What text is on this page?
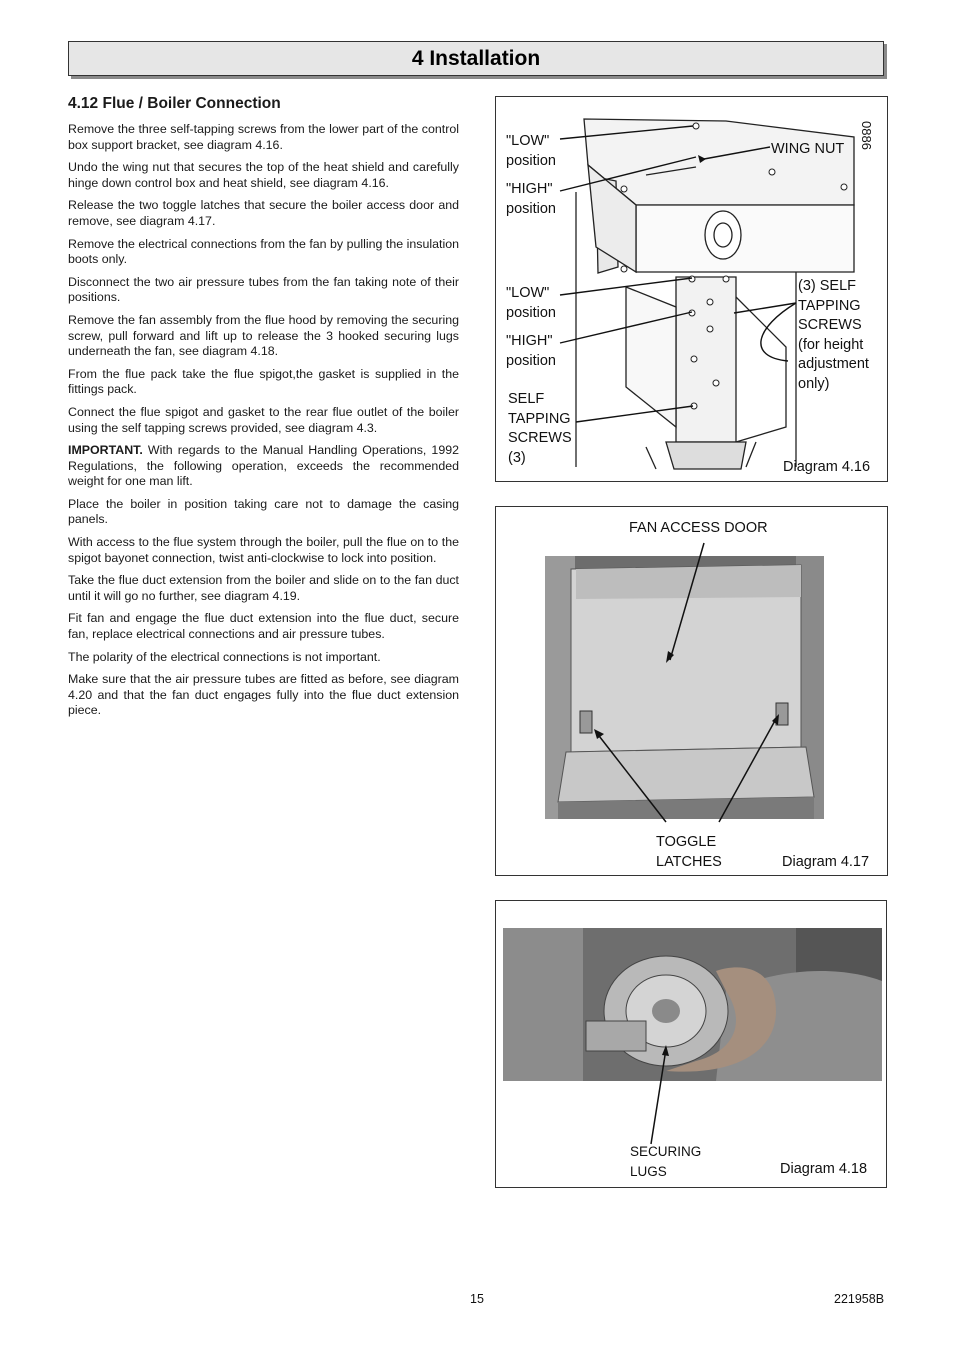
4 Installation
4.12 Flue / Boiler Connection

Remove the three self-tapping screws from the lower part of the control box support bracket, see diagram 4.16.

Undo the wing nut that secures the top of the heat shield and carefully hinge down control box and heat shield, see diagram 4.16.

Release the two toggle latches that secure the boiler access door and remove, see diagram 4.17.

Remove the electrical connections from the fan by pulling the insulation boots only.

Disconnect the two air pressure tubes from the fan taking note of their positions.

Remove the fan assembly from the flue hood by removing the securing screw, pull forward and lift up to release the 3 hooked securing lugs underneath the fan, see diagram 4.18.

From the flue pack take the flue spigot,the gasket is supplied in the fittings pack.

Connect the flue spigot and gasket to the rear flue outlet of the boiler using the self tapping screws provided, see diagram 4.3.

IMPORTANT. With regards to the Manual Handling Operations, 1992 Regulations, the following operation, exceeds the recommended weight for one man lift.

Place the boiler in position taking care not to damage the casing panels.

With access to the flue system through the boiler, pull the flue on to the spigot bayonet connection, twist anti-clockwise to lock into position.

Take the flue duct extension from the boiler and slide on to the fan duct until it will go no further, see diagram 4.19.

Fit fan and engage the flue duct extension into the flue duct, secure fan, replace electrical connections and air pressure tubes.

The polarity of the electrical connections is not important.

Make sure that the air pressure tubes are fitted as before, see diagram 4.20 and that the fan duct engages fully into the flue duct extension piece.

0886
"LOW"
position
"HIGH"
position
WING NUT
"LOW"
position
"HIGH"
position
SELF
TAPPING
SCREWS
(3)
(3) SELF
TAPPING
SCREWS
(for height
adjustment
only)
Diagram 4.16
FAN ACCESS DOOR
TOGGLE
LATCHES	Diagram 4.17
SECURING
LUGS	Diagram 4.18
15	221958B
